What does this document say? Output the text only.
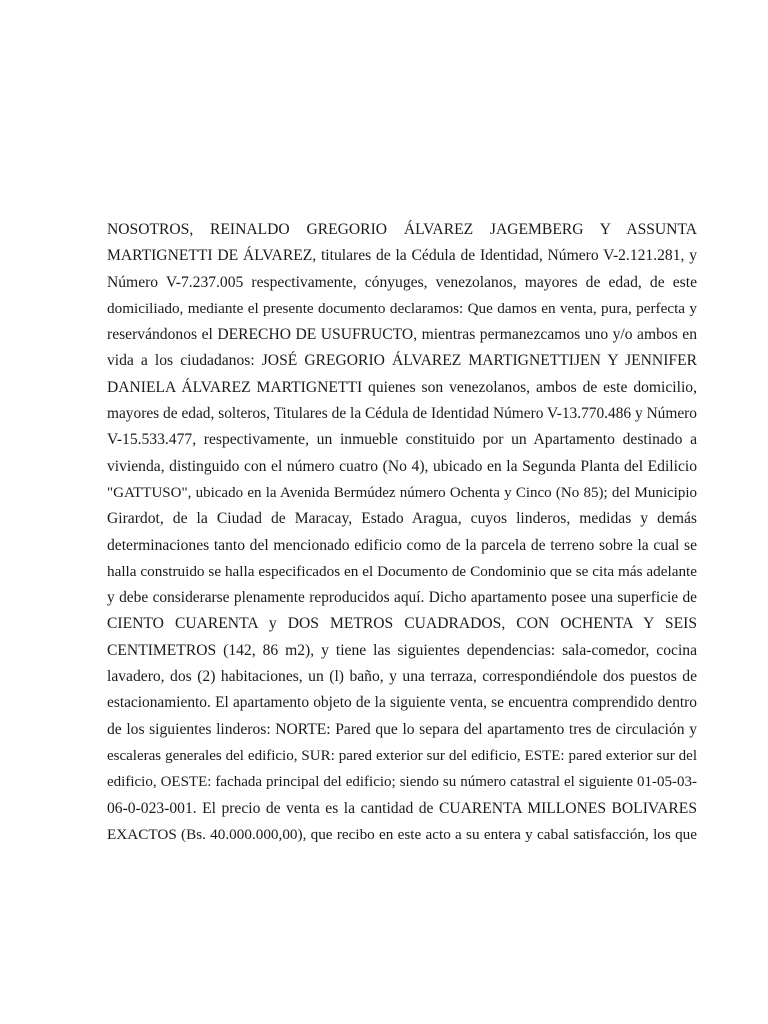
NOSOTROS, REINALDO GREGORIO ÁLVAREZ JAGEMBERG Y ASSUNTA
MARTIGNETTI DE ÁLVAREZ, titulares de la Cédula de Identidad, Número V-2.121.281, y
Número V-7.237.005 respectivamente, cónyuges, venezolanos, mayores de edad, de este
domiciliado, mediante el presente documento declaramos: Que damos en venta, pura, perfecta y
reservándonos el DERECHO DE USUFRUCTO, mientras permanezcamos uno y/o ambos en
vida a los ciudadanos: JOSÉ GREGORIO ÁLVAREZ MARTIGNETTIJEN Y JENNIFER
DANIELA ÁLVAREZ MARTIGNETTI quienes son venezolanos, ambos de este domicilio,
mayores de edad, solteros, Titulares de la Cédula de Identidad Número V-13.770.486 y Número
V-15.533.477, respectivamente, un inmueble constituido por un Apartamento destinado a
vivienda, distinguido con el número cuatro (No 4), ubicado en la Segunda Planta del Edilicio
"GATTUSO", ubicado en la Avenida Bermúdez número Ochenta y Cinco (No 85); del Municipio
Girardot, de la Ciudad de Maracay, Estado Aragua, cuyos linderos, medidas y demás
determinaciones tanto del mencionado edificio como de la parcela de terreno sobre la cual se
halla construido se halla especificados en el Documento de Condominio que se cita más adelante
y debe considerarse plenamente reproducidos aquí. Dicho apartamento posee una superficie de
CIENTO CUARENTA y DOS METROS CUADRADOS, CON OCHENTA Y SEIS
CENTIMETROS (142, 86 m2), y tiene las siguientes dependencias: sala-comedor, cocina
lavadero, dos (2) habitaciones, un (l) baño, y una terraza, correspondiéndole dos puestos de
estacionamiento. El apartamento objeto de la siguiente venta, se encuentra comprendido dentro
de los siguientes linderos: NORTE: Pared que lo separa del apartamento tres de circulación y
escaleras generales del edificio, SUR: pared exterior sur del edificio, ESTE: pared exterior sur del
edificio, OESTE: fachada principal del edificio; siendo su número catastral el siguiente 01-05-03-
06-0-023-001. El precio de venta es la cantidad de CUARENTA MILLONES BOLIVARES
EXACTOS (Bs. 40.000.000,00), que recibo en este acto a su entera y cabal satisfacción, los que
